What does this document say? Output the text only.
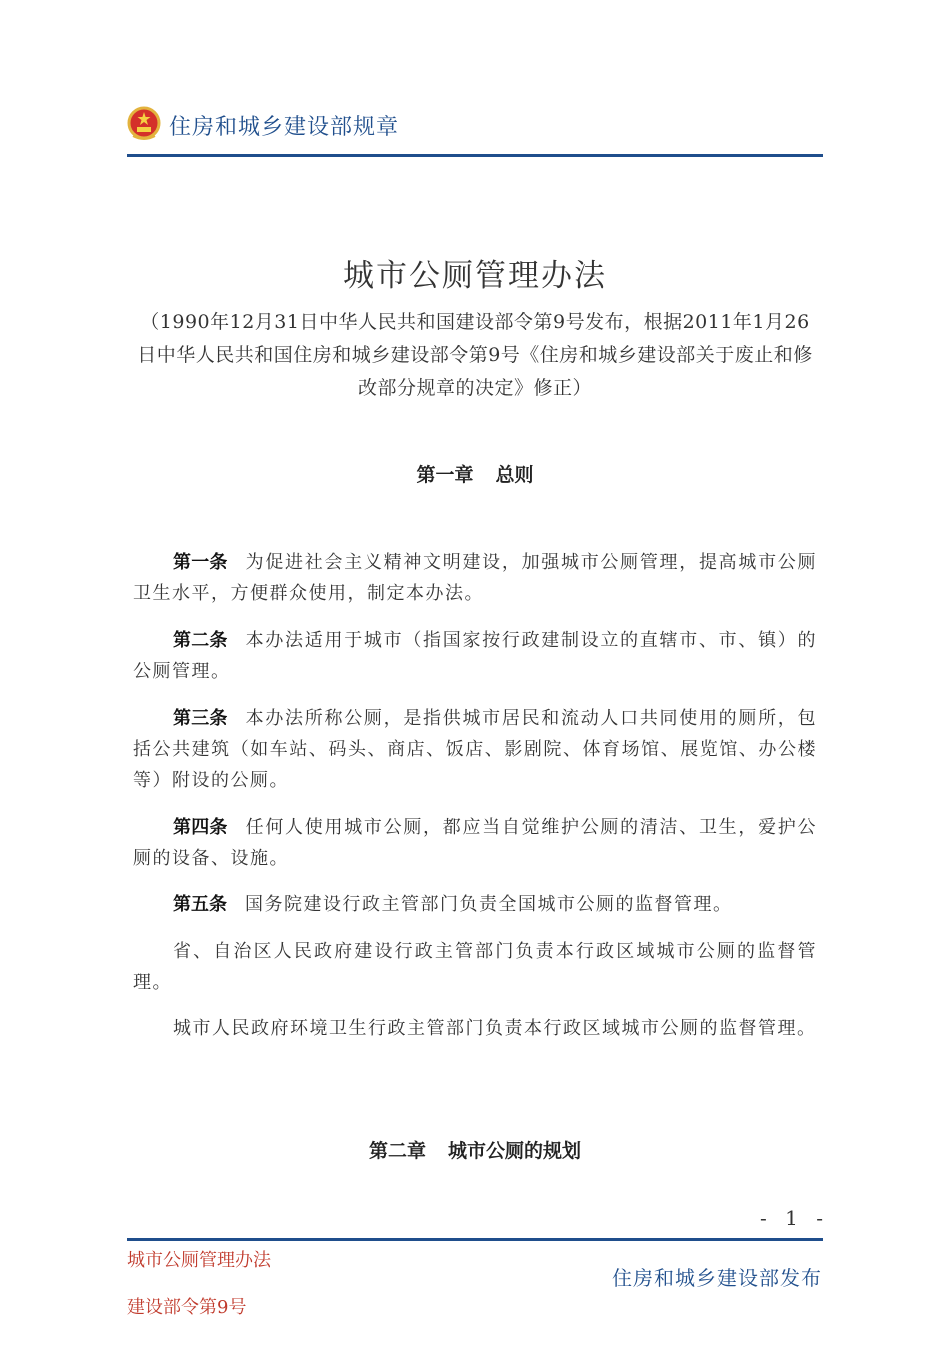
住房和城乡建设部规章
城市公厕管理办法
（1990年12月31日中华人民共和国建设部令第9号发布，根据2011年1月26日中华人民共和国住房和城乡建设部令第9号《住房和城乡建设部关于废止和修改部分规章的决定》修正）
第一章 总则

第一条 为促进社会主义精神文明建设，加强城市公厕管理，提高城市公厕卫生水平，方便群众使用，制定本办法。

第二条 本办法适用于城市（指国家按行政建制设立的直辖市、市、镇）的公厕管理。

第三条 本办法所称公厕，是指供城市居民和流动人口共同使用的厕所，包括公共建筑（如车站、码头、商店、饭店、影剧院、体育场馆、展览馆、办公楼等）附设的公厕。

第四条 任何人使用城市公厕，都应当自觉维护公厕的清洁、卫生，爱护公厕的设备、设施。

第五条 国务院建设行政主管部门负责全国城市公厕的监督管理。

省、自治区人民政府建设行政主管部门负责本行政区域城市公厕的监督管理。

城市人民政府环境卫生行政主管部门负责本行政区域城市公厕的监督管理。

第二章 城市公厕的规划
- 1 -
城市公厕管理办法
建设部令第9号
住房和城乡建设部发布
